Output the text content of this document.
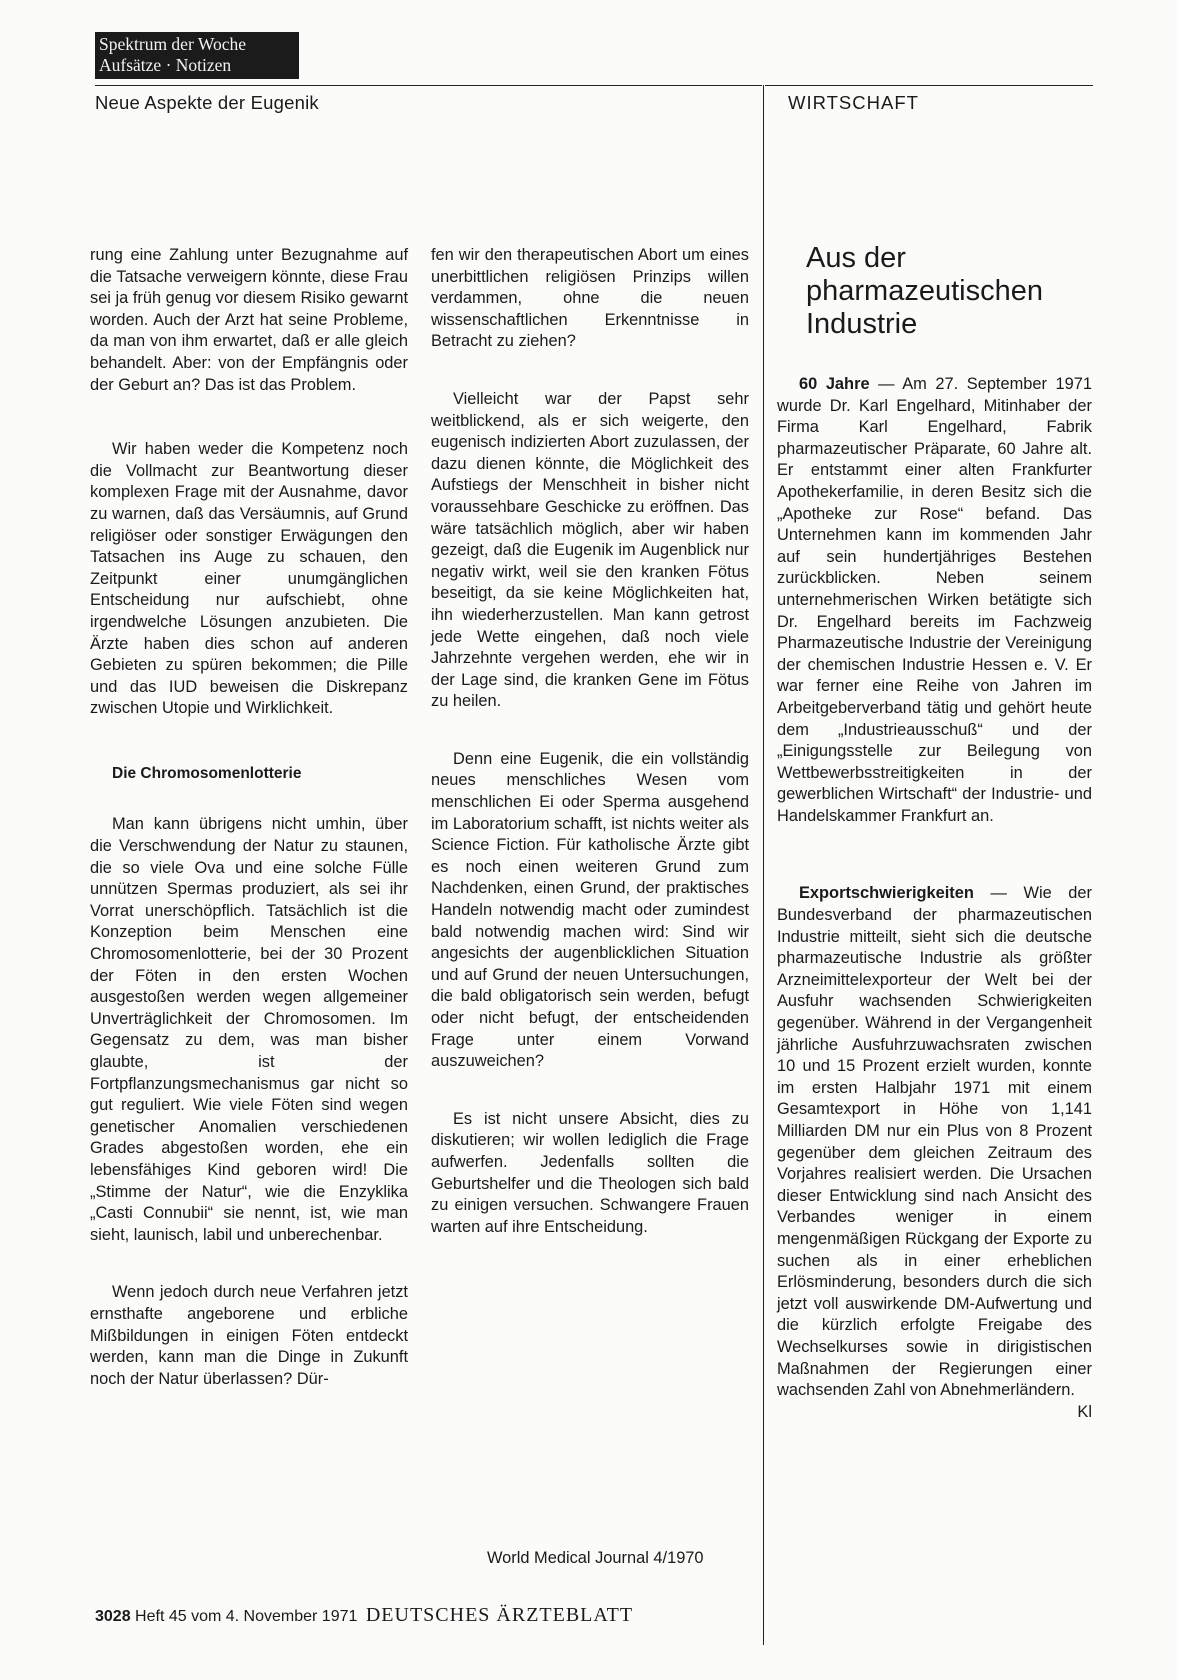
Spektrum der Woche
Aufsätze · Notizen
Neue Aspekte der Eugenik	WIRTSCHAFT

rung eine Zahlung unter Bezugnahme auf die Tatsache verweigern könnte, diese Frau sei ja früh genug vor diesem Risiko gewarnt worden. Auch der Arzt hat seine Probleme, da man von ihm erwartet, daß er alle gleich behandelt. Aber: von der Empfängnis oder der Geburt an? Das ist das Problem.

Wir haben weder die Kompetenz noch die Vollmacht zur Beantwortung dieser komplexen Frage mit der Ausnahme, davor zu warnen, daß das Versäumnis, auf Grund religiöser oder sonstiger Erwägungen den Tatsachen ins Auge zu schauen, den Zeitpunkt einer unumgänglichen Entscheidung nur aufschiebt, ohne irgendwelche Lösungen anzubieten. Die Ärzte haben dies schon auf anderen Gebieten zu spüren bekommen; die Pille und das IUD beweisen die Diskrepanz zwischen Utopie und Wirklichkeit.

Die Chromosomenlotterie

Man kann übrigens nicht umhin, über die Verschwendung der Natur zu staunen, die so viele Ova und eine solche Fülle unnützen Spermas produziert, als sei ihr Vorrat unerschöpflich. Tatsächlich ist die Konzeption beim Menschen eine Chromosomenlotterie, bei der 30 Prozent der Föten in den ersten Wochen ausgestoßen werden wegen allgemeiner Unverträglichkeit der Chromosomen. Im Gegensatz zu dem, was man bisher glaubte, ist der Fortpflanzungsmechanismus gar nicht so gut reguliert. Wie viele Föten sind wegen genetischer Anomalien verschiedenen Grades abgestoßen worden, ehe ein lebensfähiges Kind geboren wird! Die „Stimme der Natur“, wie die Enzyklika „Casti Connubii“ sie nennt, ist, wie man sieht, launisch, labil und unberechenbar.

Wenn jedoch durch neue Verfahren jetzt ernsthafte angeborene und erbliche Mißbildungen in einigen Föten entdeckt werden, kann man die Dinge in Zukunft noch der Natur überlassen? Dür-

fen wir den therapeutischen Abort um eines unerbittlichen religiösen Prinzips willen verdammen, ohne die neuen wissenschaftlichen Erkenntnisse in Betracht zu ziehen?

Vielleicht war der Papst sehr weitblickend, als er sich weigerte, den eugenisch indizierten Abort zuzulassen, der dazu dienen könnte, die Möglichkeit des Aufstiegs der Menschheit in bisher nicht voraussehbare Geschicke zu eröffnen. Das wäre tatsächlich möglich, aber wir haben gezeigt, daß die Eugenik im Augenblick nur negativ wirkt, weil sie den kranken Fötus beseitigt, da sie keine Möglichkeiten hat, ihn wiederherzustellen. Man kann getrost jede Wette eingehen, daß noch viele Jahrzehnte vergehen werden, ehe wir in der Lage sind, die kranken Gene im Fötus zu heilen.

Denn eine Eugenik, die ein vollständig neues menschliches Wesen vom menschlichen Ei oder Sperma ausgehend im Laboratorium schafft, ist nichts weiter als Science Fiction. Für katholische Ärzte gibt es noch einen weiteren Grund zum Nachdenken, einen Grund, der praktisches Handeln notwendig macht oder zumindest bald notwendig machen wird: Sind wir angesichts der augenblicklichen Situation und auf Grund der neuen Untersuchungen, die bald obligatorisch sein werden, befugt oder nicht befugt, der entscheidenden Frage unter einem Vorwand auszuweichen?

Es ist nicht unsere Absicht, dies zu diskutieren; wir wollen lediglich die Frage aufwerfen. Jedenfalls sollten die Geburtshelfer und die Theologen sich bald zu einigen versuchen. Schwangere Frauen warten auf ihre Entscheidung.

World Medical Journal 4/1970
Aus der pharmazeutischen Industrie

60 Jahre — Am 27. September 1971 wurde Dr. Karl Engelhard, Mitinhaber der Firma Karl Engelhard, Fabrik pharmazeutischer Präparate, 60 Jahre alt. Er entstammt einer alten Frankfurter Apothekerfamilie, in deren Besitz sich die „Apotheke zur Rose“ befand. Das Unternehmen kann im kommenden Jahr auf sein hundertjähriges Bestehen zurückblicken. Neben seinem unternehmerischen Wirken betätigte sich Dr. Engelhard bereits im Fachzweig Pharmazeutische Industrie der Vereinigung der chemischen Industrie Hessen e. V. Er war ferner eine Reihe von Jahren im Arbeitgeberverband tätig und gehört heute dem „Industrieausschuß“ und der „Einigungsstelle zur Beilegung von Wettbewerbsstreitigkeiten in der gewerblichen Wirtschaft“ der Industrie- und Handelskammer Frankfurt an.

Exportschwierigkeiten — Wie der Bundesverband der pharmazeutischen Industrie mitteilt, sieht sich die deutsche pharmazeutische Industrie als größter Arzneimittelexporteur der Welt bei der Ausfuhr wachsenden Schwierigkeiten gegenüber. Während in der Vergangenheit jährliche Ausfuhrzuwachsraten zwischen 10 und 15 Prozent erzielt wurden, konnte im ersten Halbjahr 1971 mit einem Gesamtexport in Höhe von 1,141 Milliarden DM nur ein Plus von 8 Prozent gegenüber dem gleichen Zeitraum des Vorjahres realisiert werden. Die Ursachen dieser Entwicklung sind nach Ansicht des Verbandes weniger in einem mengenmäßigen Rückgang der Exporte zu suchen als in einer erheblichen Erlösminderung, besonders durch die sich jetzt voll auswirkende DM-Aufwertung und die kürzlich erfolgte Freigabe des Wechselkurses sowie in dirigistischen Maßnahmen der Regierungen einer wachsenden Zahl von Abnehmerländern.
Kl

3028 Heft 45 vom 4. November 1971 DEUTSCHES ÄRZTEBLATT
